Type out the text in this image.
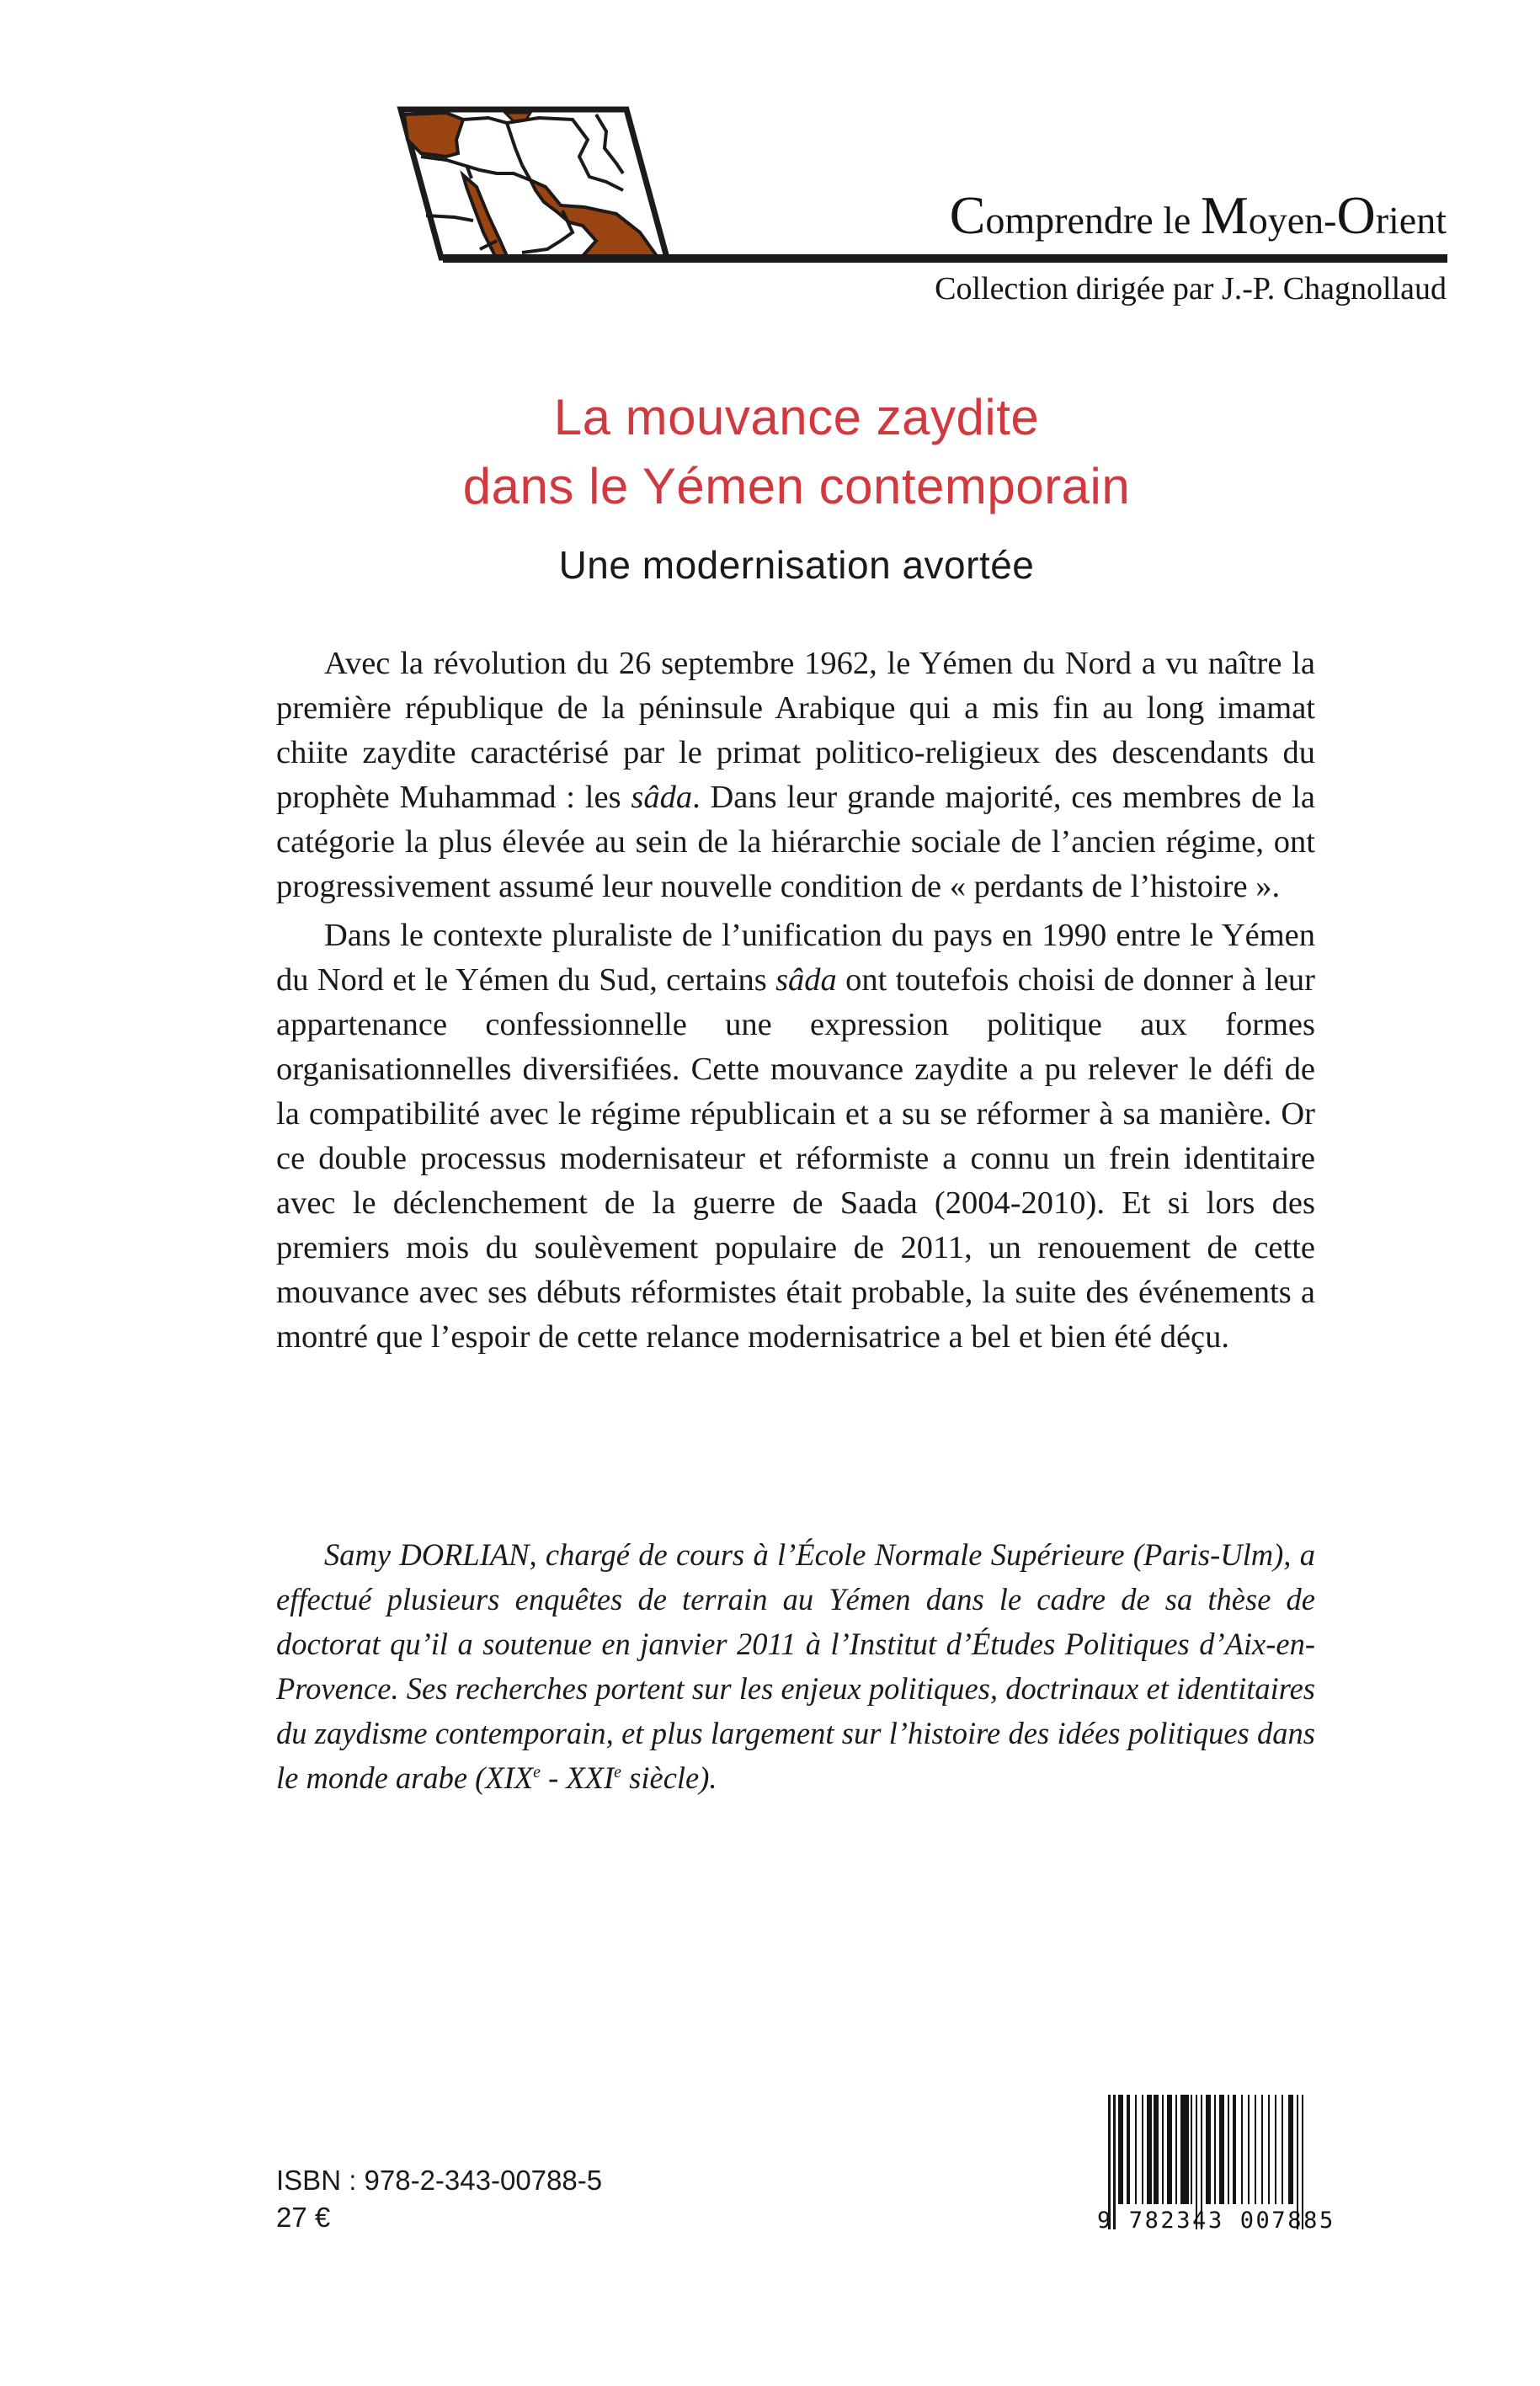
Comprendre le Moyen-Orient
Collection dirigée par J.-P. Chagnollaud
La mouvance zaydite
dans le Yémen contemporain
Une modernisation avortée

Avec la révolution du 26 septembre 1962, le Yémen du Nord a vu naître la première république de la péninsule Arabique qui a mis fin au long imamat chiite zaydite caractérisé par le primat politico-religieux des descendants du prophète Muhammad : les sâda. Dans leur grande majorité, ces membres de la catégorie la plus élevée au sein de la hiérarchie sociale de l’ancien régime, ont progressivement assumé leur nouvelle condition de « perdants de l’histoire ».

Dans le contexte pluraliste de l’unification du pays en 1990 entre le Yémen du Nord et le Yémen du Sud, certains sâda ont toutefois choisi de donner à leur appartenance confessionnelle une expression politique aux formes organisationnelles diversifiées. Cette mouvance zaydite a pu relever le défi de la compatibilité avec le régime républicain et a su se réformer à sa manière. Or ce double processus modernisateur et réformiste a connu un frein identitaire avec le déclenchement de la guerre de Saada (2004-2010). Et si lors des premiers mois du soulèvement populaire de 2011, un renouement de cette mouvance avec ses débuts réformistes était probable, la suite des événements a montré que l’espoir de cette relance modernisatrice a bel et bien été déçu.

Samy DORLIAN, chargé de cours à l’École Normale Supérieure (Paris-Ulm), a effectué plusieurs enquêtes de terrain au Yémen dans le cadre de sa thèse de doctorat qu’il a soutenue en janvier 2011 à l’Institut d’Études Politiques d’Aix-en-Provence. Ses recherches portent sur les enjeux politiques, doctrinaux et identitaires du zaydisme contemporain, et plus largement sur l’histoire des idées politiques dans le monde arabe (XIXe - XXIe siècle).

ISBN : 978-2-343-00788-5
27 €	9 782343 007885
